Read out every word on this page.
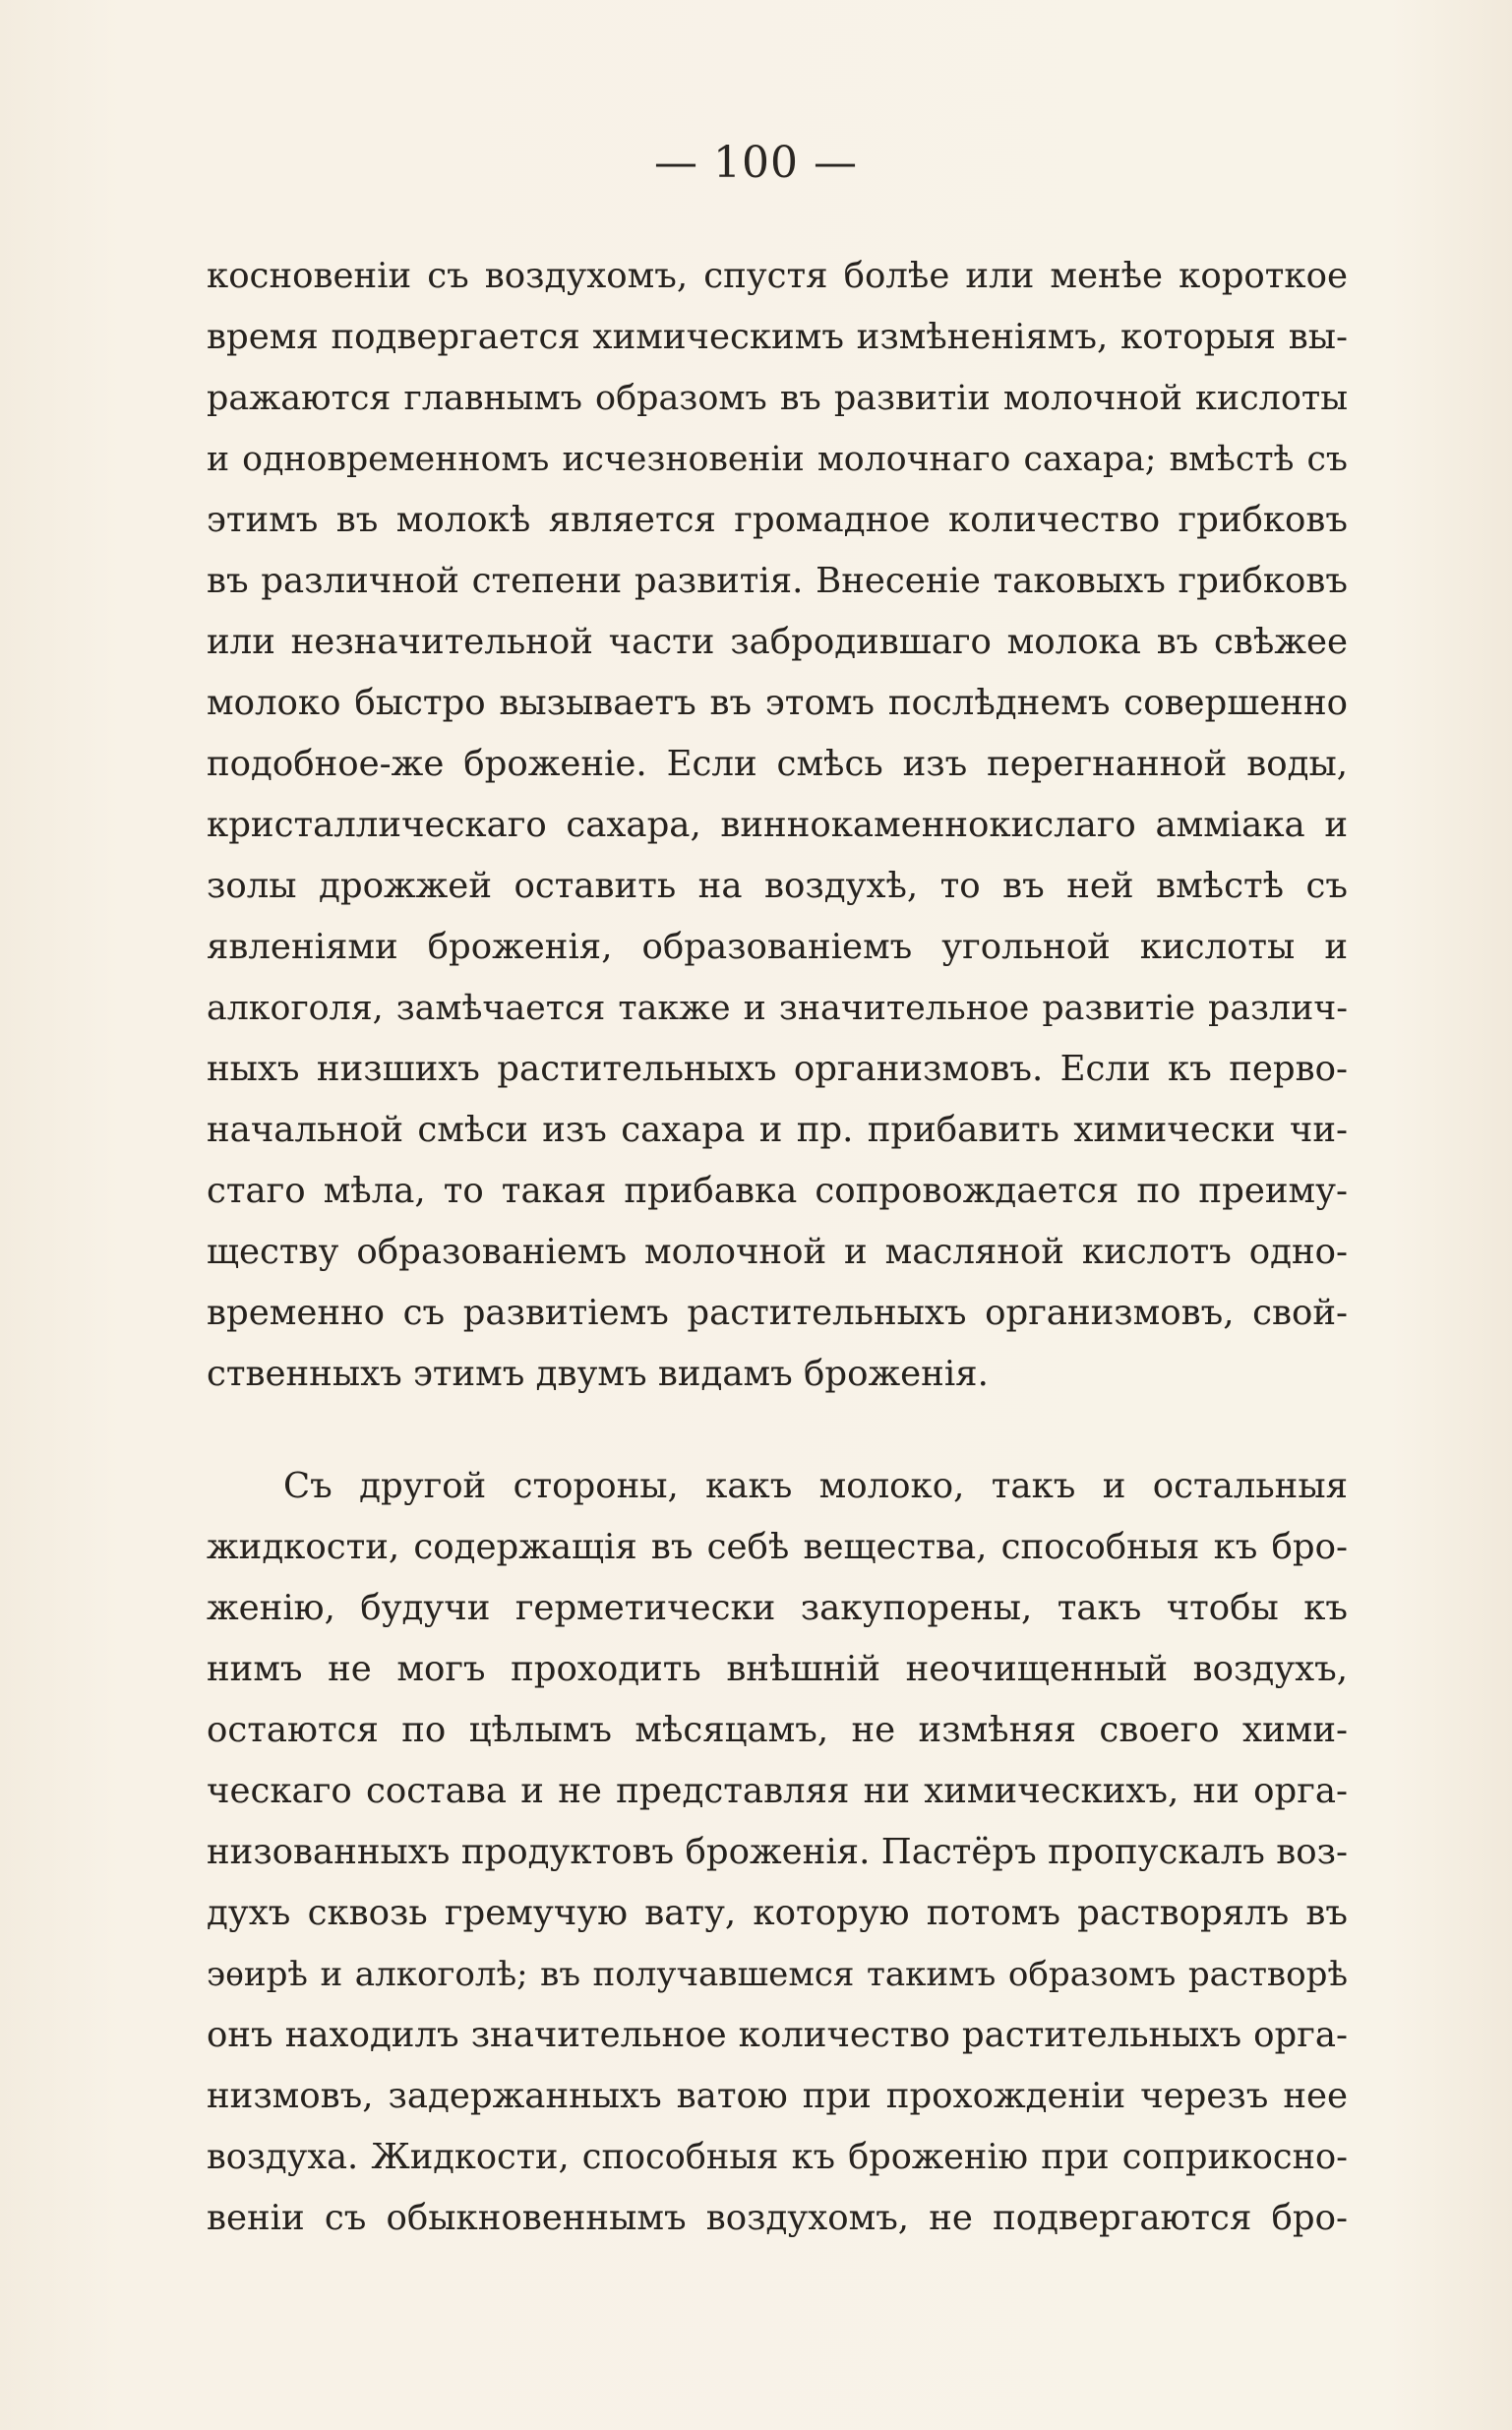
— 100 —
косновенiи съ воздухомъ, спустя болѣе или менѣе короткое
время подвергается химическимъ измѣненiямъ, которыя вы-
ражаются главнымъ образомъ въ развитiи молочной кислоты
и одновременномъ исчезновенiи молочнаго сахара; вмѣстѣ съ
этимъ въ молокѣ является громадное количество грибковъ
въ различной степени развитiя. Внесенiе таковыхъ грибковъ
или незначительной части забродившаго молока въ свѣжее
молоко быстро вызываетъ въ этомъ послѣднемъ совершенно
подобное-же броженiе. Если смѣсь изъ перегнанной воды,
кристаллическаго сахара, виннокаменнокислаго аммiака и
золы дрожжей оставить на воздухѣ, то въ ней вмѣстѣ съ
явленiями броженiя, образованiемъ угольной кислоты и
алкоголя, замѣчается также и значительное развитiе различ-
ныхъ низшихъ растительныхъ организмовъ. Если къ перво-
начальной смѣси изъ сахара и пр. прибавить химически чи-
стаго мѣла, то такая прибавка сопровождается по преиму-
ществу образованiемъ молочной и масляной кислотъ одно-
временно съ развитiемъ растительныхъ организмовъ, свой-
ственныхъ этимъ двумъ видамъ броженiя.
Съ другой стороны, какъ молоко, такъ и остальныя
жидкости, содержащiя въ себѣ вещества, способныя къ бро-
женiю, будучи герметически закупорены, такъ чтобы къ
нимъ не могъ проходить внѣшнiй неочищенный воздухъ,
остаются по цѣлымъ мѣсяцамъ, не измѣняя своего хими-
ческаго состава и не представляя ни химическихъ, ни орга-
низованныхъ продуктовъ броженiя. Пастёръ пропускалъ воз-
духъ сквозь гремучую вату, которую потомъ растворялъ въ
эѳирѣ и алкоголѣ; въ получавшемся такимъ образомъ растворѣ
онъ находилъ значительное количество растительныхъ орга-
низмовъ, задержанныхъ ватою при прохожденiи черезъ нее
воздуха. Жидкости, способныя къ броженiю при соприкосно-
венiи съ обыкновеннымъ воздухомъ, не подвергаются бро-
